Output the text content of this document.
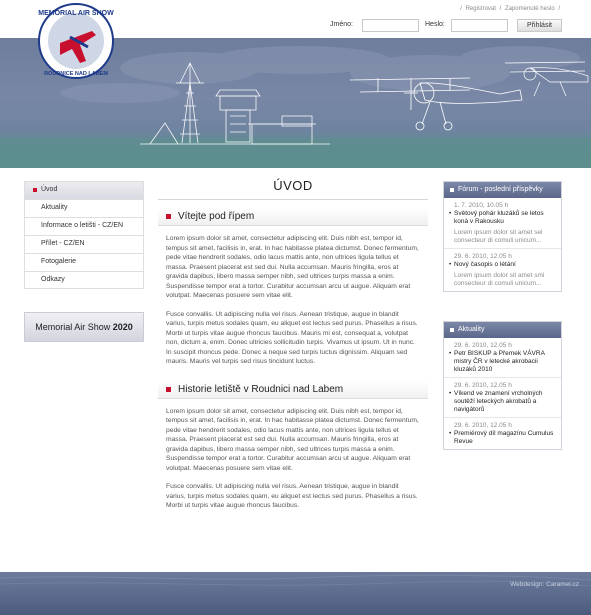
MEMORIAL AIR SHOW
ROUDNICE NAD LABEM
/ Registrovat / Zapomenuté heslo /
Jméno:	Heslo:	Přihlásit
Úvod
Aktuality
Informace o letišti - CZ/EN
Přílet - CZ/EN
Fotogalerie
Odkazy
Memorial Air Show 2020
ÚVOD
Vítejte pod řípem

Lorem ipsum dolor sit amet, consectetur adipiscing elit. Duis nibh est, tempor id, tempus sit amet, facilisis in, erat. In hac habitasse platea dictumst. Donec fermentum, pede vitae hendrerit sodales, odio lacus mattis ante, non ultrices ligula tellus et massa. Praesent placerat est sed dui. Nulla accumsan. Mauris fringilla, eros at gravida dapibus, libero massa semper nibh, sed ultrices turpis massa a enim. Suspendisse tempor erat a tortor. Curabitur accumsan arcu ut augue. Aliquam erat volutpat. Maecenas posuere sem vitae elit.

Fusce convallis. Ut adipiscing nulla vel risus. Aenean tristique, augue in blandit varius, turpis metus sodales quam, eu aliquet est lectus sed purus. Phasellus a risus. Morbi ut turpis vitae augue rhoncus faucibus. Mauris mi est, consequat a, volutpat non, dictum a, enim. Donec ultricies sollicitudin turpis. Vivamus ut ipsum. Ut in nunc. In suscipit rhoncus pede. Donec a neque sed turpis luctus dignissim. Aliquam sed mauris. Mauris vel turpis sed risus tincidunt luctus.

Historie letiště v Roudnici nad Labem

Lorem ipsum dolor sit amet, consectetur adipiscing elit. Duis nibh est, tempor id, tempus sit amet, facilisis in, erat. In hac habitasse platea dictumst. Donec fermentum, pede vitae hendrerit sodales, odio lacus mattis ante, non ultrices ligula tellus et massa. Praesent placerat est sed dui. Nulla accumsan. Mauris fringilla, eros at gravida dapibus, libero massa semper nibh, sed ultrices turpis massa a enim. Suspendisse tempor erat a tortor. Curabitur accumsan arcu ut augue. Aliquam erat volutpat. Maecenas posuere sem vitae elit.

Fusce convallis. Ut adipiscing nulla vel risus. Aenean tristique, augue in blandit varius, turpis metus sodales quam, eu aliquet est lectus sed purus. Phasellus a risus. Morbi ut turpis vitae augue rhoncus faucibus.

Fórum - poslední příspěvky
1. 7. 2010, 10.05 h
• Světový pohár kluzáků se letos koná v Rakousku
Lorem ipsum dolor sit amet sei consecteur di comuli unicum...
29. 6. 2010, 12.05 h
• Nový časopis o létání
Lorem ipsum dolor sit amet smi consecteur di comuli unicum...
Aktuality
29. 6. 2010, 12.05 h
• Petr BISKUP a Přemek VÁVRA mistry ČR v letecké akrobacii kluzáků 2010
29. 6. 2010, 12.05 h
• Víkend ve znamení vrcholných soutěží leteckých akrobatů a navigátorů
29. 6. 2010, 12.05 h
• Premiérový díl magazínu Cumulus Revue
Webdesign: Caramel.cz
